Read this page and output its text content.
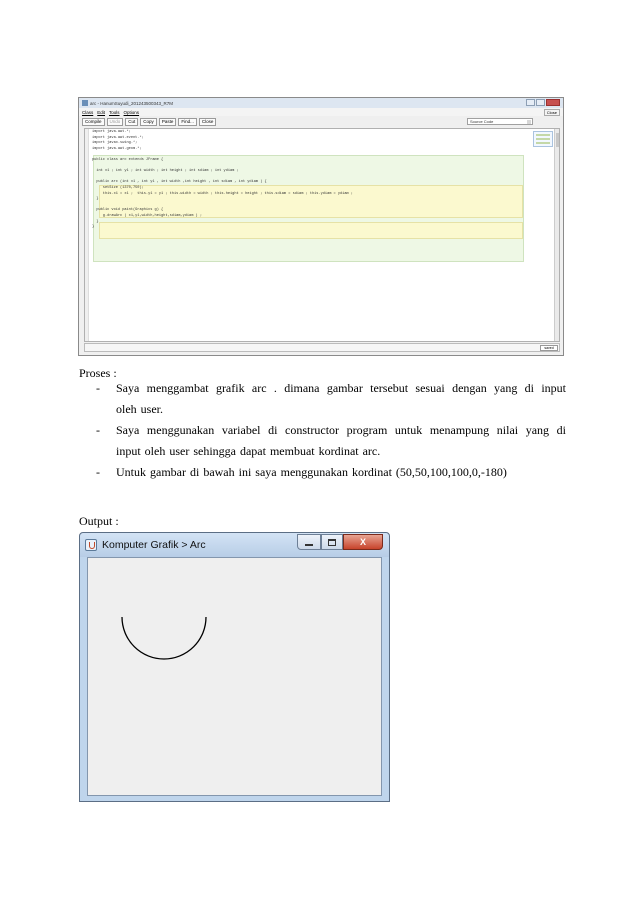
arc - HanumSuyudi_201243500343_R7M
Class Edit Tools Options	Close
Compile	Undo	Cut	Copy	Paste	Find...	Close	Source Code
import java.awt.*;
import java.awt.event.*;
import javax.swing.*;
import java.awt.geom.*;
public class arc extends JFrame {
int x1 ; int y1 ; int width ; int height ; int sdiam ; int ydiam ;
public arc (int x1 , int y1 , int width ,int height , int sdiam , int ydiam ) {
setSize (1370,750);
this.x1 = x1 ;  this.y1 = y1 ; this.width = width ; this.height = height ; this.sdiam = sdiam ; this.ydiam = ydiam ;
}
public void paint(Graphics g) {
g.drawArc ( x1,y1,width,height,sdiam,ydiam ) ;
}
}
saved
Proses :
-	Saya menggambat grafik arc . dimana gambar tersebut sesuai dengan yang di input
oleh user.
-	Saya menggunakan variabel di constructor program untuk menampung nilai yang di
input oleh user sehingga dapat membuat kordinat arc.
-	Untuk gambar di bawah ini saya menggunakan kordinat (50,50,100,100,0,-180)
Output :
Komputer Grafik > Arc	X
